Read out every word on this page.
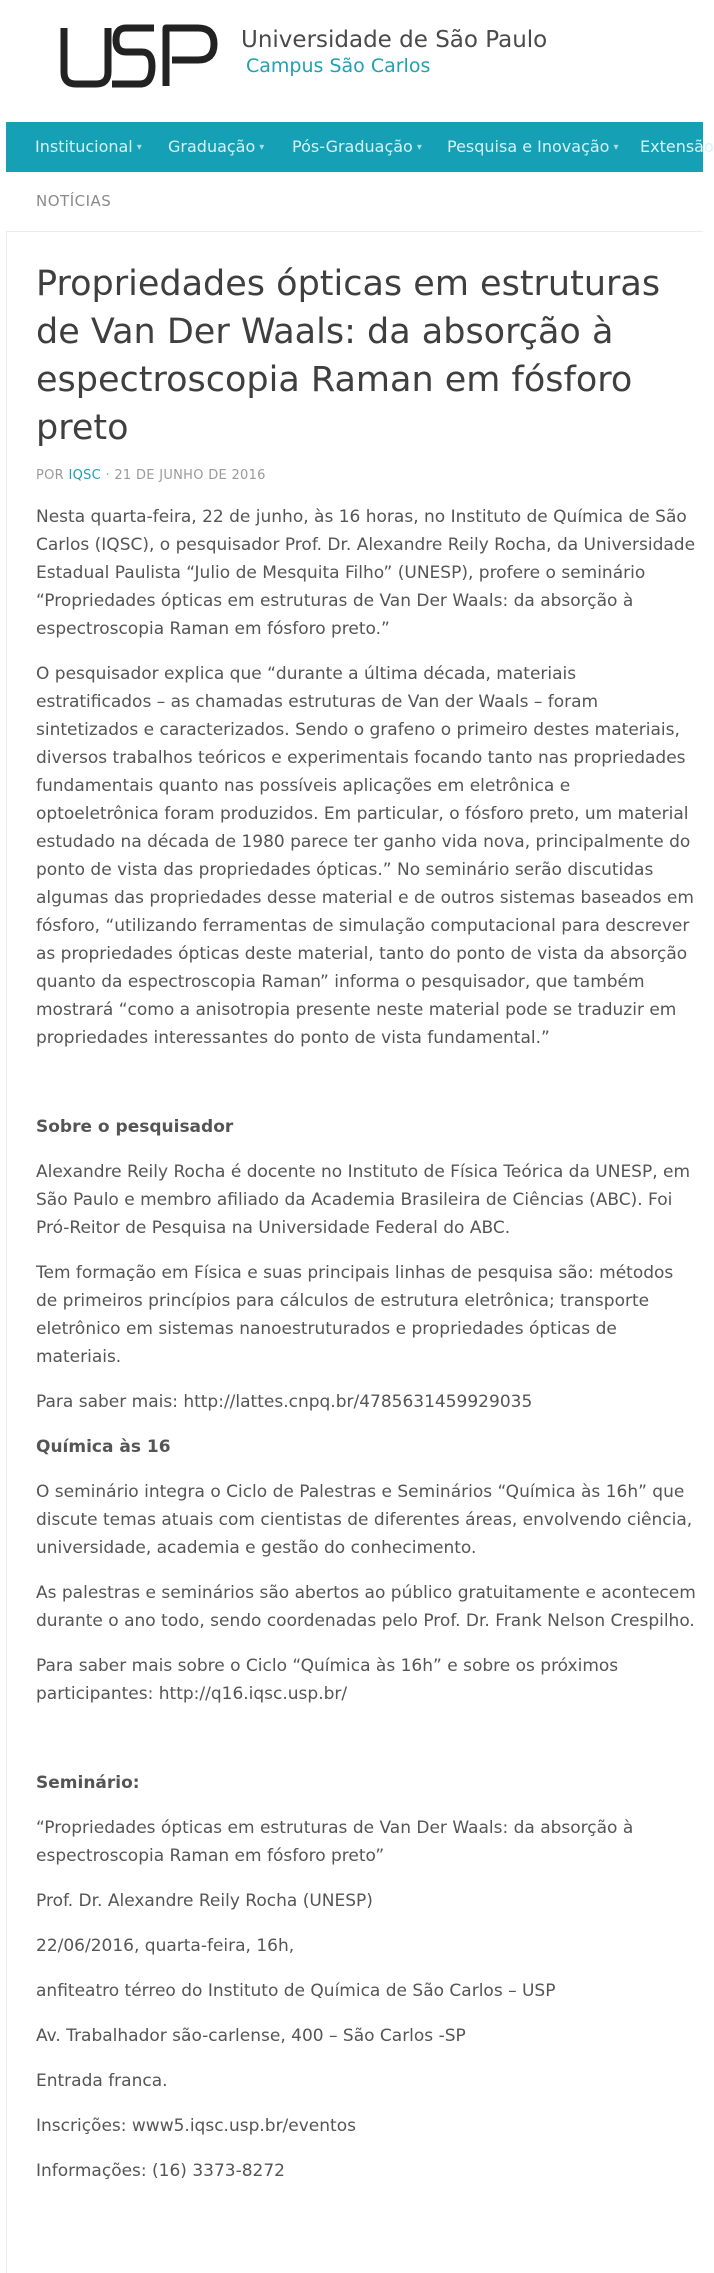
Universidade de São Paulo
Campus São Carlos
Institucional ▾ Graduação ▾ Pós-Graduação ▾ Pesquisa e Inovação ▾ Extensão
NOTÍCIAS
Propriedades ópticas em estruturas de Van Der Waals: da absorção à espectroscopia Raman em fósforo preto
POR IQSC · 21 DE JUNHO DE 2016

Nesta quarta-feira, 22 de junho, às 16 horas, no Instituto de Química de São Carlos (IQSC), o pesquisador Prof. Dr. Alexandre Reily Rocha, da Universidade Estadual Paulista “Julio de Mesquita Filho” (UNESP), profere o seminário “Propriedades ópticas em estruturas de Van Der Waals: da absorção à espectroscopia Raman em fósforo preto.”

O pesquisador explica que “durante a última década, materiais estratificados – as chamadas estruturas de Van der Waals – foram sintetizados e caracterizados. Sendo o grafeno o primeiro destes materiais, diversos trabalhos teóricos e experimentais focando tanto nas propriedades fundamentais quanto nas possíveis aplicações em eletrônica e optoeletrônica foram produzidos. Em particular, o fósforo preto, um material estudado na década de 1980 parece ter ganho vida nova, principalmente do ponto de vista das propriedades ópticas.” No seminário serão discutidas algumas das propriedades desse material e de outros sistemas baseados em fósforo, “utilizando ferramentas de simulação computacional para descrever as propriedades ópticas deste material, tanto do ponto de vista da absorção quanto da espectroscopia Raman” informa o pesquisador, que também mostrará “como a anisotropia presente neste material pode se traduzir em propriedades interessantes do ponto de vista fundamental.”

Sobre o pesquisador

Alexandre Reily Rocha é docente no Instituto de Física Teórica da UNESP, em São Paulo e membro afiliado da Academia Brasileira de Ciências (ABC). Foi Pró-Reitor de Pesquisa na Universidade Federal do ABC.

Tem formação em Física e suas principais linhas de pesquisa são: métodos de primeiros princípios para cálculos de estrutura eletrônica; transporte eletrônico em sistemas nanoestruturados e propriedades ópticas de materiais.

Para saber mais: http://lattes.cnpq.br/4785631459929035

Química às 16

O seminário integra o Ciclo de Palestras e Seminários “Química às 16h” que discute temas atuais com cientistas de diferentes áreas, envolvendo ciência, universidade, academia e gestão do conhecimento.

As palestras e seminários são abertos ao público gratuitamente e acontecem durante o ano todo, sendo coordenadas pelo Prof. Dr. Frank Nelson Crespilho.

Para saber mais sobre o Ciclo “Química às 16h” e sobre os próximos participantes: http://q16.iqsc.usp.br/

Seminário:

“Propriedades ópticas em estruturas de Van Der Waals: da absorção à espectroscopia Raman em fósforo preto”

Prof. Dr. Alexandre Reily Rocha (UNESP)

22/06/2016, quarta-feira, 16h,

anfiteatro térreo do Instituto de Química de São Carlos – USP

Av. Trabalhador são-carlense, 400 – São Carlos -SP

Entrada franca.

Inscrições: www5.iqsc.usp.br/eventos

Informações: (16) 3373-8272
